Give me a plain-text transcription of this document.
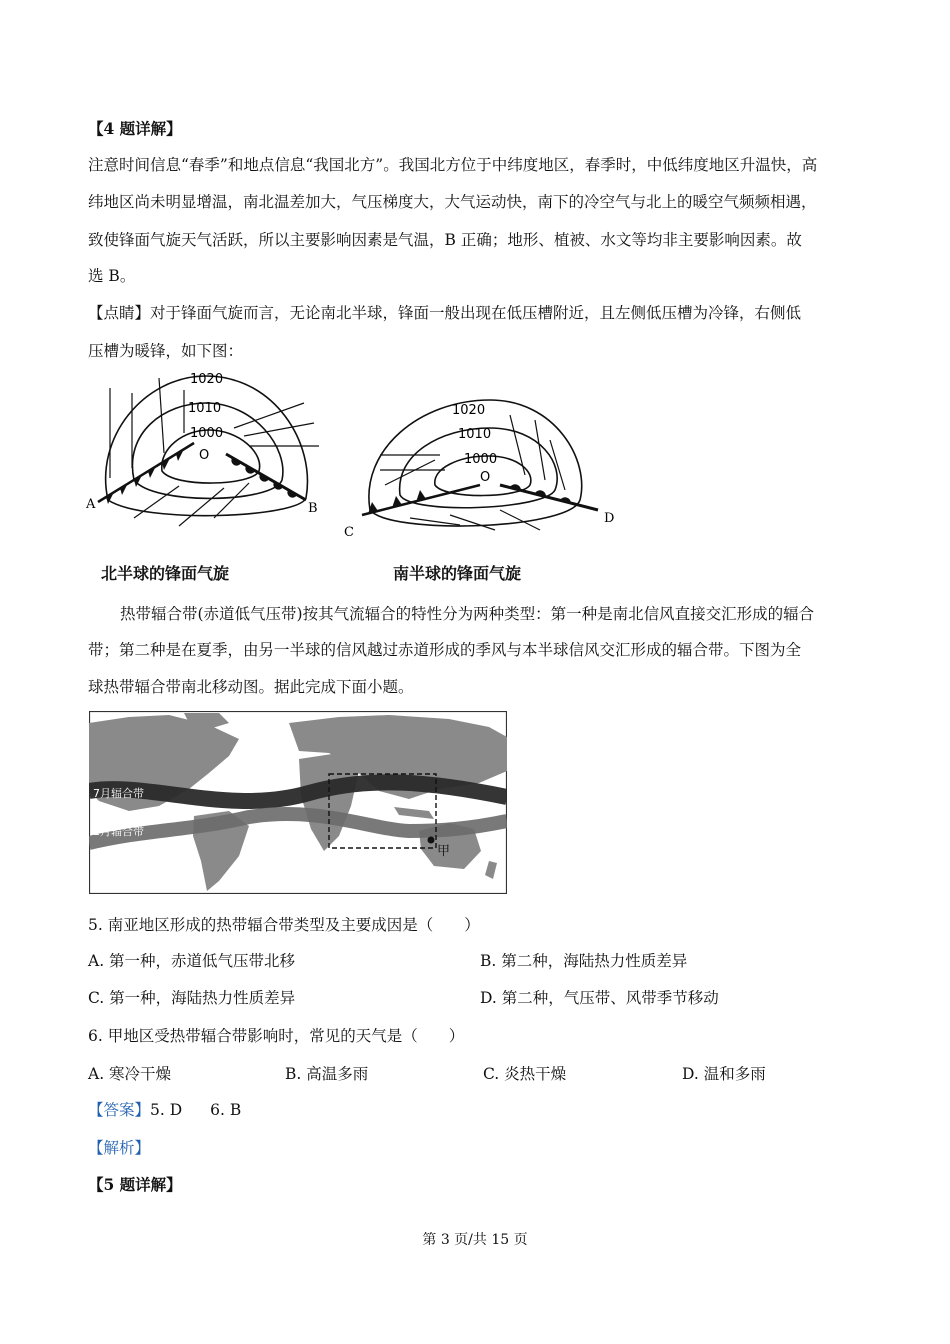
【4 题详解】
注意时间信息“春季”和地点信息“我国北方”。我国北方位于中纬度地区，春季时，中低纬度地区升温快，高
纬地区尚未明显增温，南北温差加大，气压梯度大，大气运动快，南下的冷空气与北上的暖空气频频相遇，
致使锋面气旋天气活跃，所以主要影响因素是气温，B 正确；地形、植被、水文等均非主要影响因素。故
选 B。
【点睛】对于锋面气旋而言，无论南北半球，锋面一般出现在低压槽附近，且左侧低压槽为冷锋，右侧低
压槽为暖锋，如下图：
1020
1010
1000
O
A	B
1020
1010
1000
O
C
D
北半球的锋面气旋	南半球的锋面气旋
热带辐合带(赤道低气压带)按其气流辐合的特性分为两种类型：第一种是南北信风直接交汇形成的辐合
带；第二种是在夏季，由另一半球的信风越过赤道形成的季风与本半球信风交汇形成的辐合带。下图为全
球热带辐合带南北移动图。据此完成下面小题。
7月辐合带
1月辐合带
甲
5. 南亚地区形成的热带辐合带类型及主要成因是（　　）
A. 第一种，赤道低气压带北移	B. 第二种，海陆热力性质差异
C. 第一种，海陆热力性质差异	D. 第二种，气压带、风带季节移动
6. 甲地区受热带辐合带影响时，常见的天气是（　　）
A. 寒冷干燥	B. 高温多雨	C. 炎热干燥	D. 温和多雨
【答案】5. D 6. B
【解析】
【5 题详解】
第 3 页/共 15 页
